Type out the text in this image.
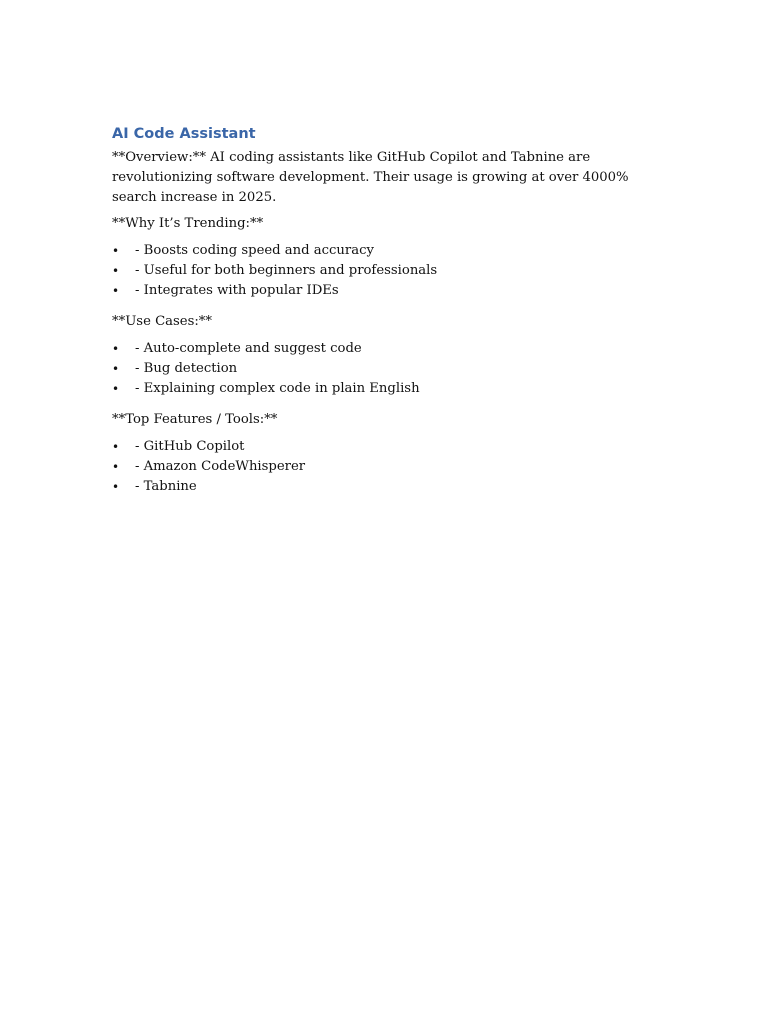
AI Code Assistant

**Overview:** AI coding assistants like GitHub Copilot and Tabnine are revolutionizing software development. Their usage is growing at over 4000% search increase in 2025.

**Why It’s Trending:**

• - Boosts coding speed and accuracy
• - Useful for both beginners and professionals
• - Integrates with popular IDEs

**Use Cases:**

• - Auto-complete and suggest code
• - Bug detection
• - Explaining complex code in plain English

**Top Features / Tools:**

• - GitHub Copilot
• - Amazon CodeWhisperer
• - Tabnine
